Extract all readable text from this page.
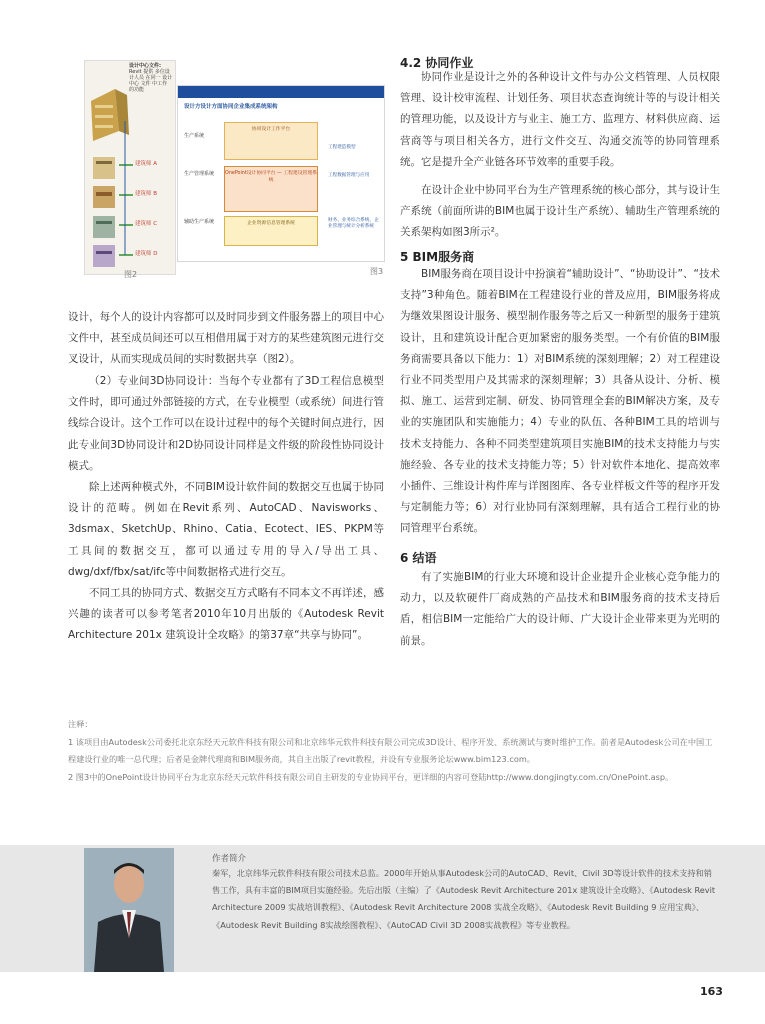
设计中心文件:
Revit 提供 多位设计人员 在同一 设计中心 文件 中工作 的功能
建筑师 A
建筑师 B
建筑师 C
建筑师 D
图2
设计方设计方面协同企业集成系统架构
生产系统
生产管理系统
辅助生产系统
协同设计工作平台
OnePoint设计协同平台 — 工程建设管理系统
企业资源信息管理系统
工程建造模型
工程数据管理与应用
财务、业务综合系统、企业管理与统计分析系统
图3

设计，每个人的设计内容都可以及时同步到文件服务器上的项目中心文件中，甚至成员间还可以互相借用属于对方的某些建筑图元进行交叉设计，从而实现成员间的实时数据共享（图2）。

（2）专业间3D协同设计：当每个专业都有了3D工程信息模型文件时，即可通过外部链接的方式，在专业模型（或系统）间进行管线综合设计。这个工作可以在设计过程中的每个关键时间点进行，因此专业间3D协同设计和2D协同设计同样是文件级的阶段性协同设计模式。

除上述两种模式外，不同BIM设计软件间的数据交互也属于协同设计的范畴。例如在Revit系列、AutoCAD、Navisworks、3dsmax、SketchUp、Rhino、Catia、Ecotect、IES、PKPM等工具间的数据交互，都可以通过专用的导入/导出工具、dwg/dxf/fbx/sat/ifc等中间数据格式进行交互。

不同工具的协同方式、数据交互方式略有不同本文不再详述，感兴趣的读者可以参考笔者2010年10月出版的《Autodesk Revit Architecture 201x 建筑设计全攻略》的第37章“共享与协同”。

4.2 协同作业

协同作业是设计之外的各种设计文件与办公文档管理、人员权限管理、设计校审流程、计划任务、项目状态查询统计等的与设计相关的管理功能，以及设计方与业主、施工方、监理方、材料供应商、运营商等与项目相关各方，进行文件交互、沟通交流等的协同管理系统。它是提升全产业链各环节效率的重要手段。

在设计企业中协同平台为生产管理系统的核心部分，其与设计生产系统（前面所讲的BIM也属于设计生产系统）、辅助生产管理系统的关系架构如图3所示²。

5 BIM服务商

BIM服务商在项目设计中扮演着“辅助设计”、“协助设计”、“技术支持”3种角色。随着BIM在工程建设行业的普及应用，BIM服务将成为继效果图设计服务、模型制作服务等之后又一种新型的服务于建筑设计，且和建筑设计配合更加紧密的服务类型。一个有价值的BIM服务商需要具备以下能力：1）对BIM系统的深刻理解；2）对工程建设行业不同类型用户及其需求的深刻理解；3）具备从设计、分析、模拟、施工、运营到定制、研发、协同管理全套的BIM解决方案，及专业的实施团队和实施能力；4）专业的队伍、各种BIM工具的培训与技术支持能力、各种不同类型建筑项目实施BIM的技术支持能力与实施经验、各专业的技术支持能力等；5）针对软件本地化、提高效率小插件、三维设计构件库与详图图库、各专业样板文件等的程序开发与定制能力等；6）对行业协同有深刻理解，具有适合工程行业的协同管理平台系统。

6 结语

有了实施BIM的行业大环境和设计企业提升企业核心竞争能力的动力，以及软硬件厂商成熟的产品技术和BIM服务商的技术支持后盾，相信BIM一定能给广大的设计师、广大设计企业带来更为光明的前景。

注释：

1 该项目由Autodesk公司委托北京东经天元软件科技有限公司和北京纬华元软件科技有限公司完成3D设计、程序开发、系统测试与赛时维护工作。前者是Autodesk公司在中国工程建设行业的唯一总代理；后者是金牌代理商和BIM服务商，其自主出版了revit教程，并设有专业服务论坛www.bim123.com。

2 图3中的OnePoint设计协同平台为北京东经天元软件科技有限公司自主研发的专业协同平台，更详细的内容可登陆http://www.dongjingty.com.cn/OnePoint.asp。

作者简介

秦军，北京纬华元软件科技有限公司技术总监。2000年开始从事Autodesk公司的AutoCAD、Revit、Civil 3D等设计软件的技术支持和销售工作，具有丰富的BIM项目实施经验。先后出版（主编）了《Autodesk Revit Architecture 201x 建筑设计全攻略》、《Autodesk Revit Architecture 2009 实战培训教程》、《Autodesk Revit Architecture 2008 实战全攻略》、《Autodesk Revit Building 9 应用宝典》、《Autodesk Revit Building 8实战绘图教程》、《AutoCAD Civil 3D 2008实战教程》等专业教程。

163
